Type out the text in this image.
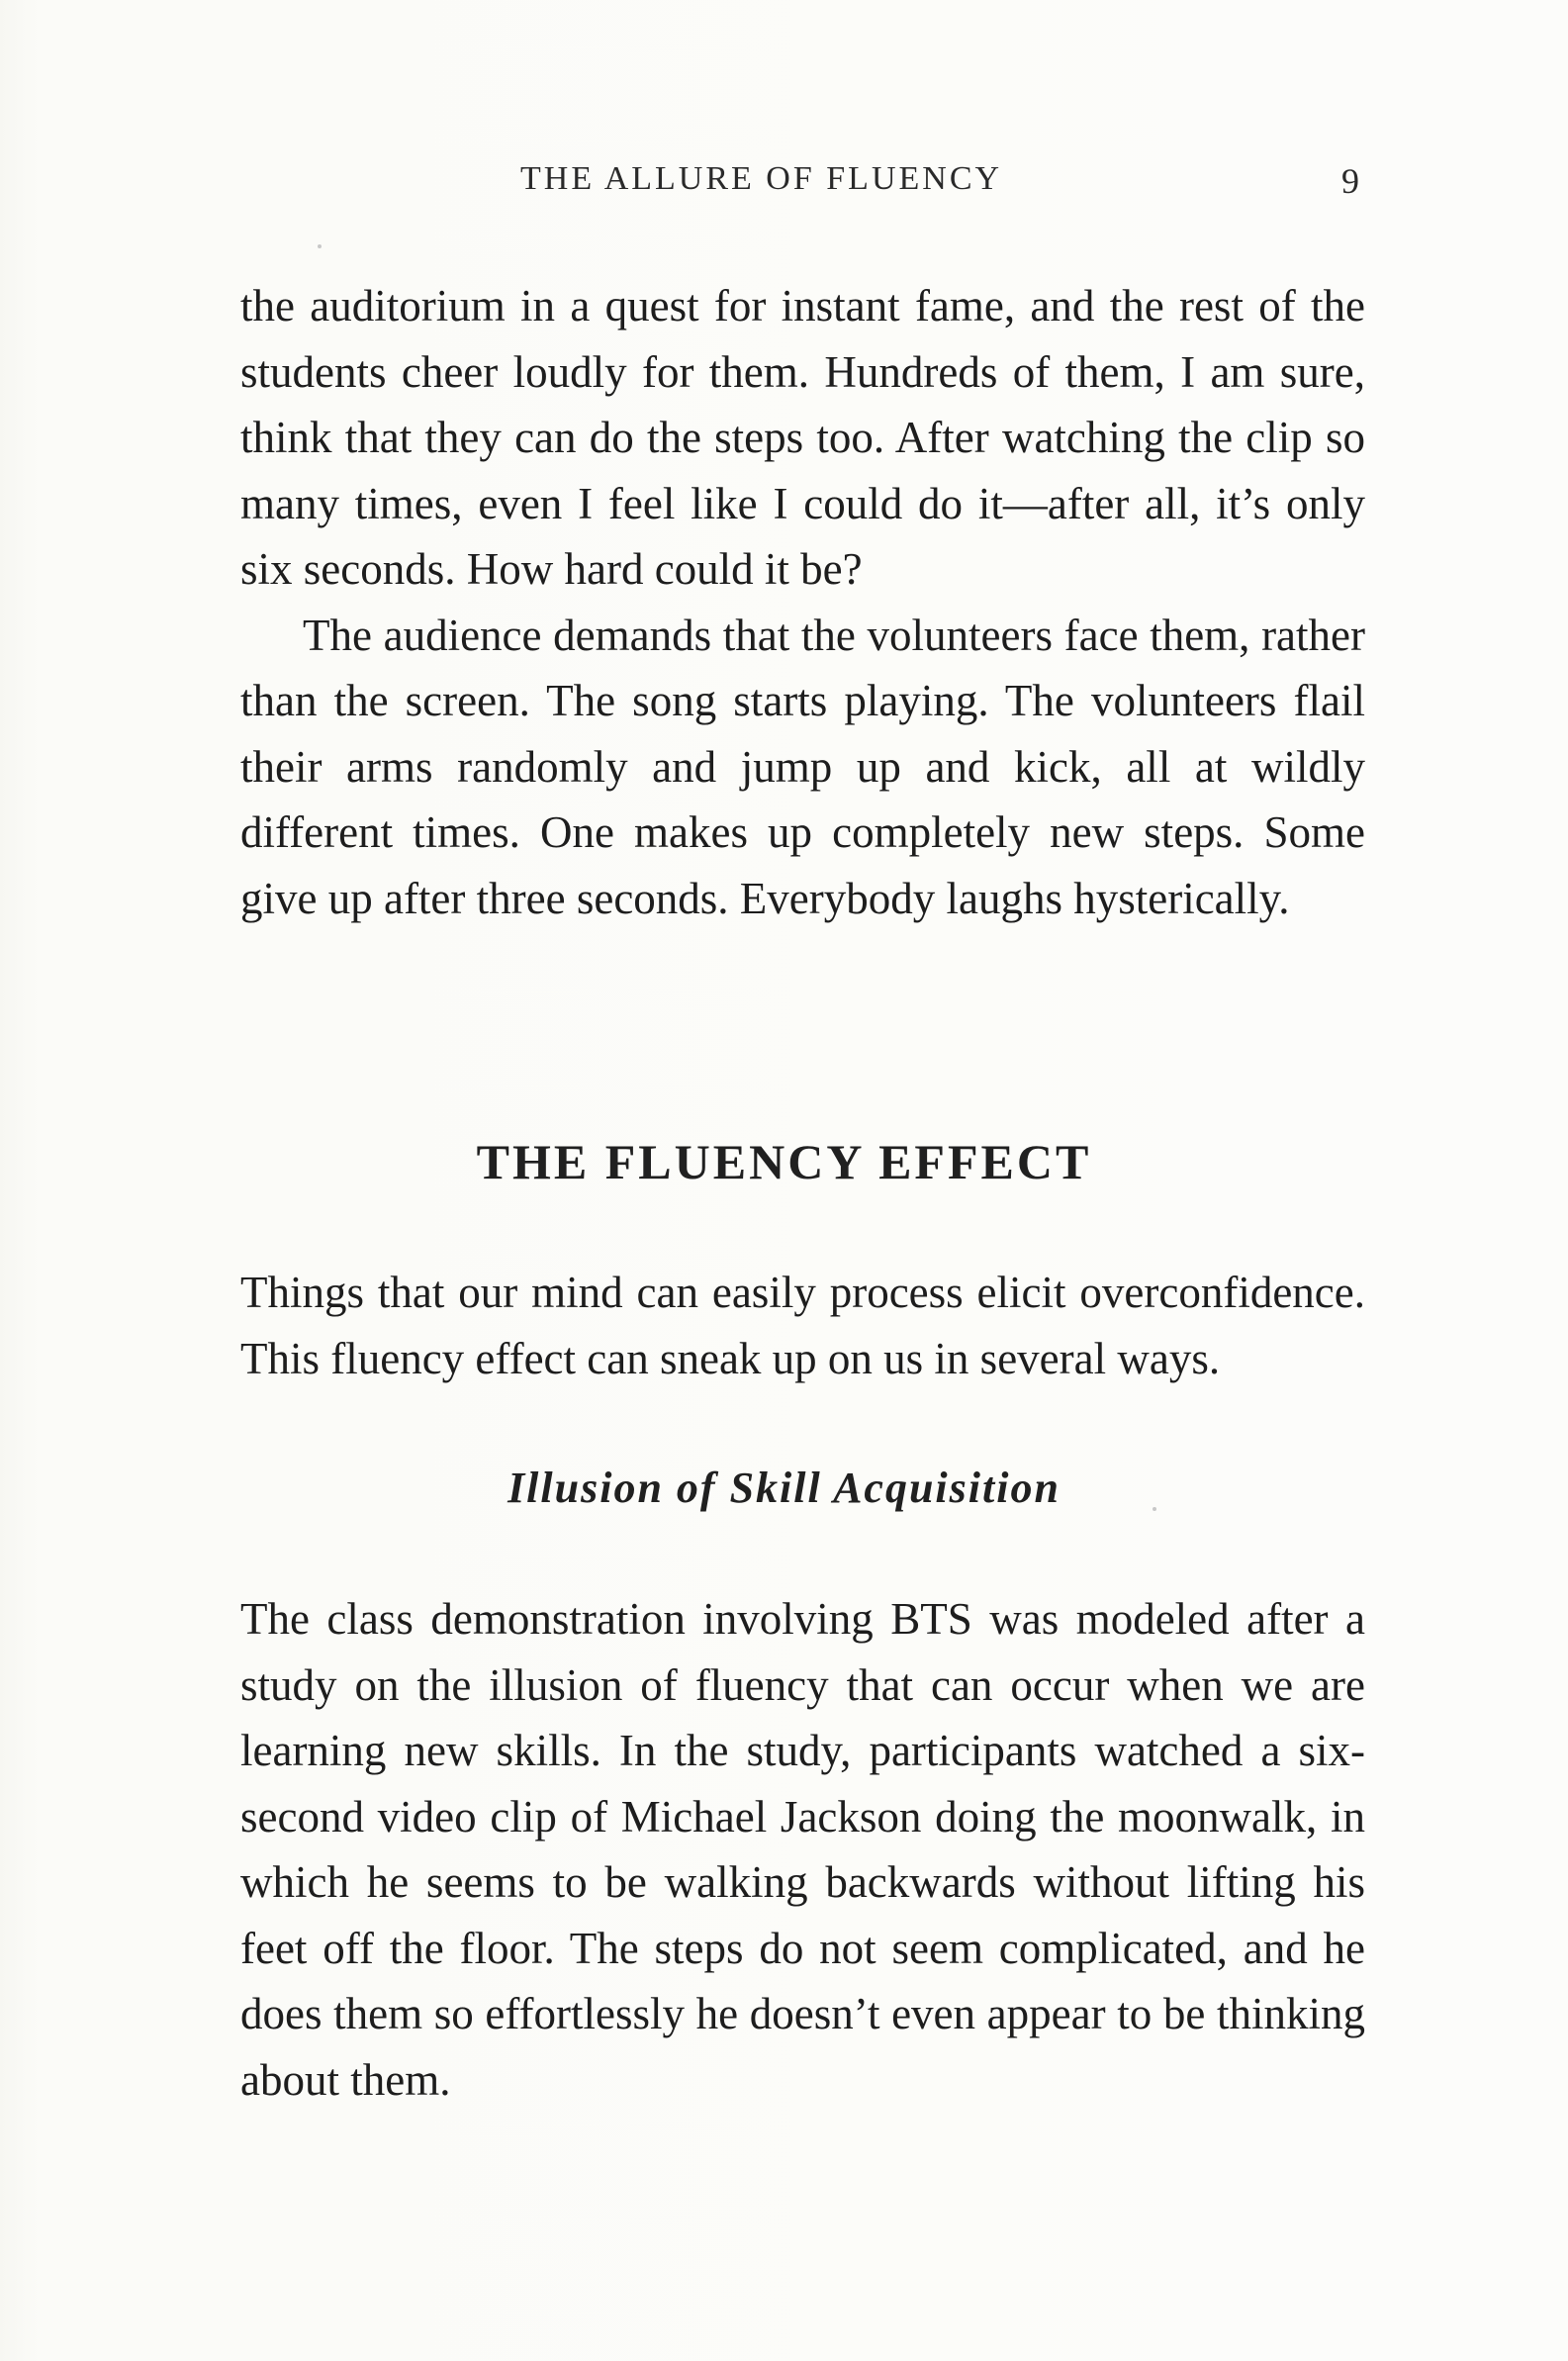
THE ALLURE OF FLUENCY	9

the auditorium in a quest for instant fame, and the rest of the students cheer loudly for them. Hundreds of them, I am sure, think that they can do the steps too. After watching the clip so many times, even I feel like I could do it—after all, it’s only six seconds. How hard could it be?

The audience demands that the volunteers face them, rather than the screen. The song starts playing. The volunteers flail their arms randomly and jump up and kick, all at wildly different times. One makes up completely new steps. Some give up after three seconds. Everybody laughs hysterically.

THE FLUENCY EFFECT

Things that our mind can easily process elicit overconfidence. This fluency effect can sneak up on us in several ways.

Illusion of Skill Acquisition

The class demonstration involving BTS was modeled after a study on the illusion of fluency that can occur when we are learning new skills. In the study, participants watched a six-second video clip of Michael Jackson doing the moonwalk, in which he seems to be walking backwards without lifting his feet off the floor. The steps do not seem complicated, and he does them so effortlessly he doesn’t even appear to be thinking about them.
